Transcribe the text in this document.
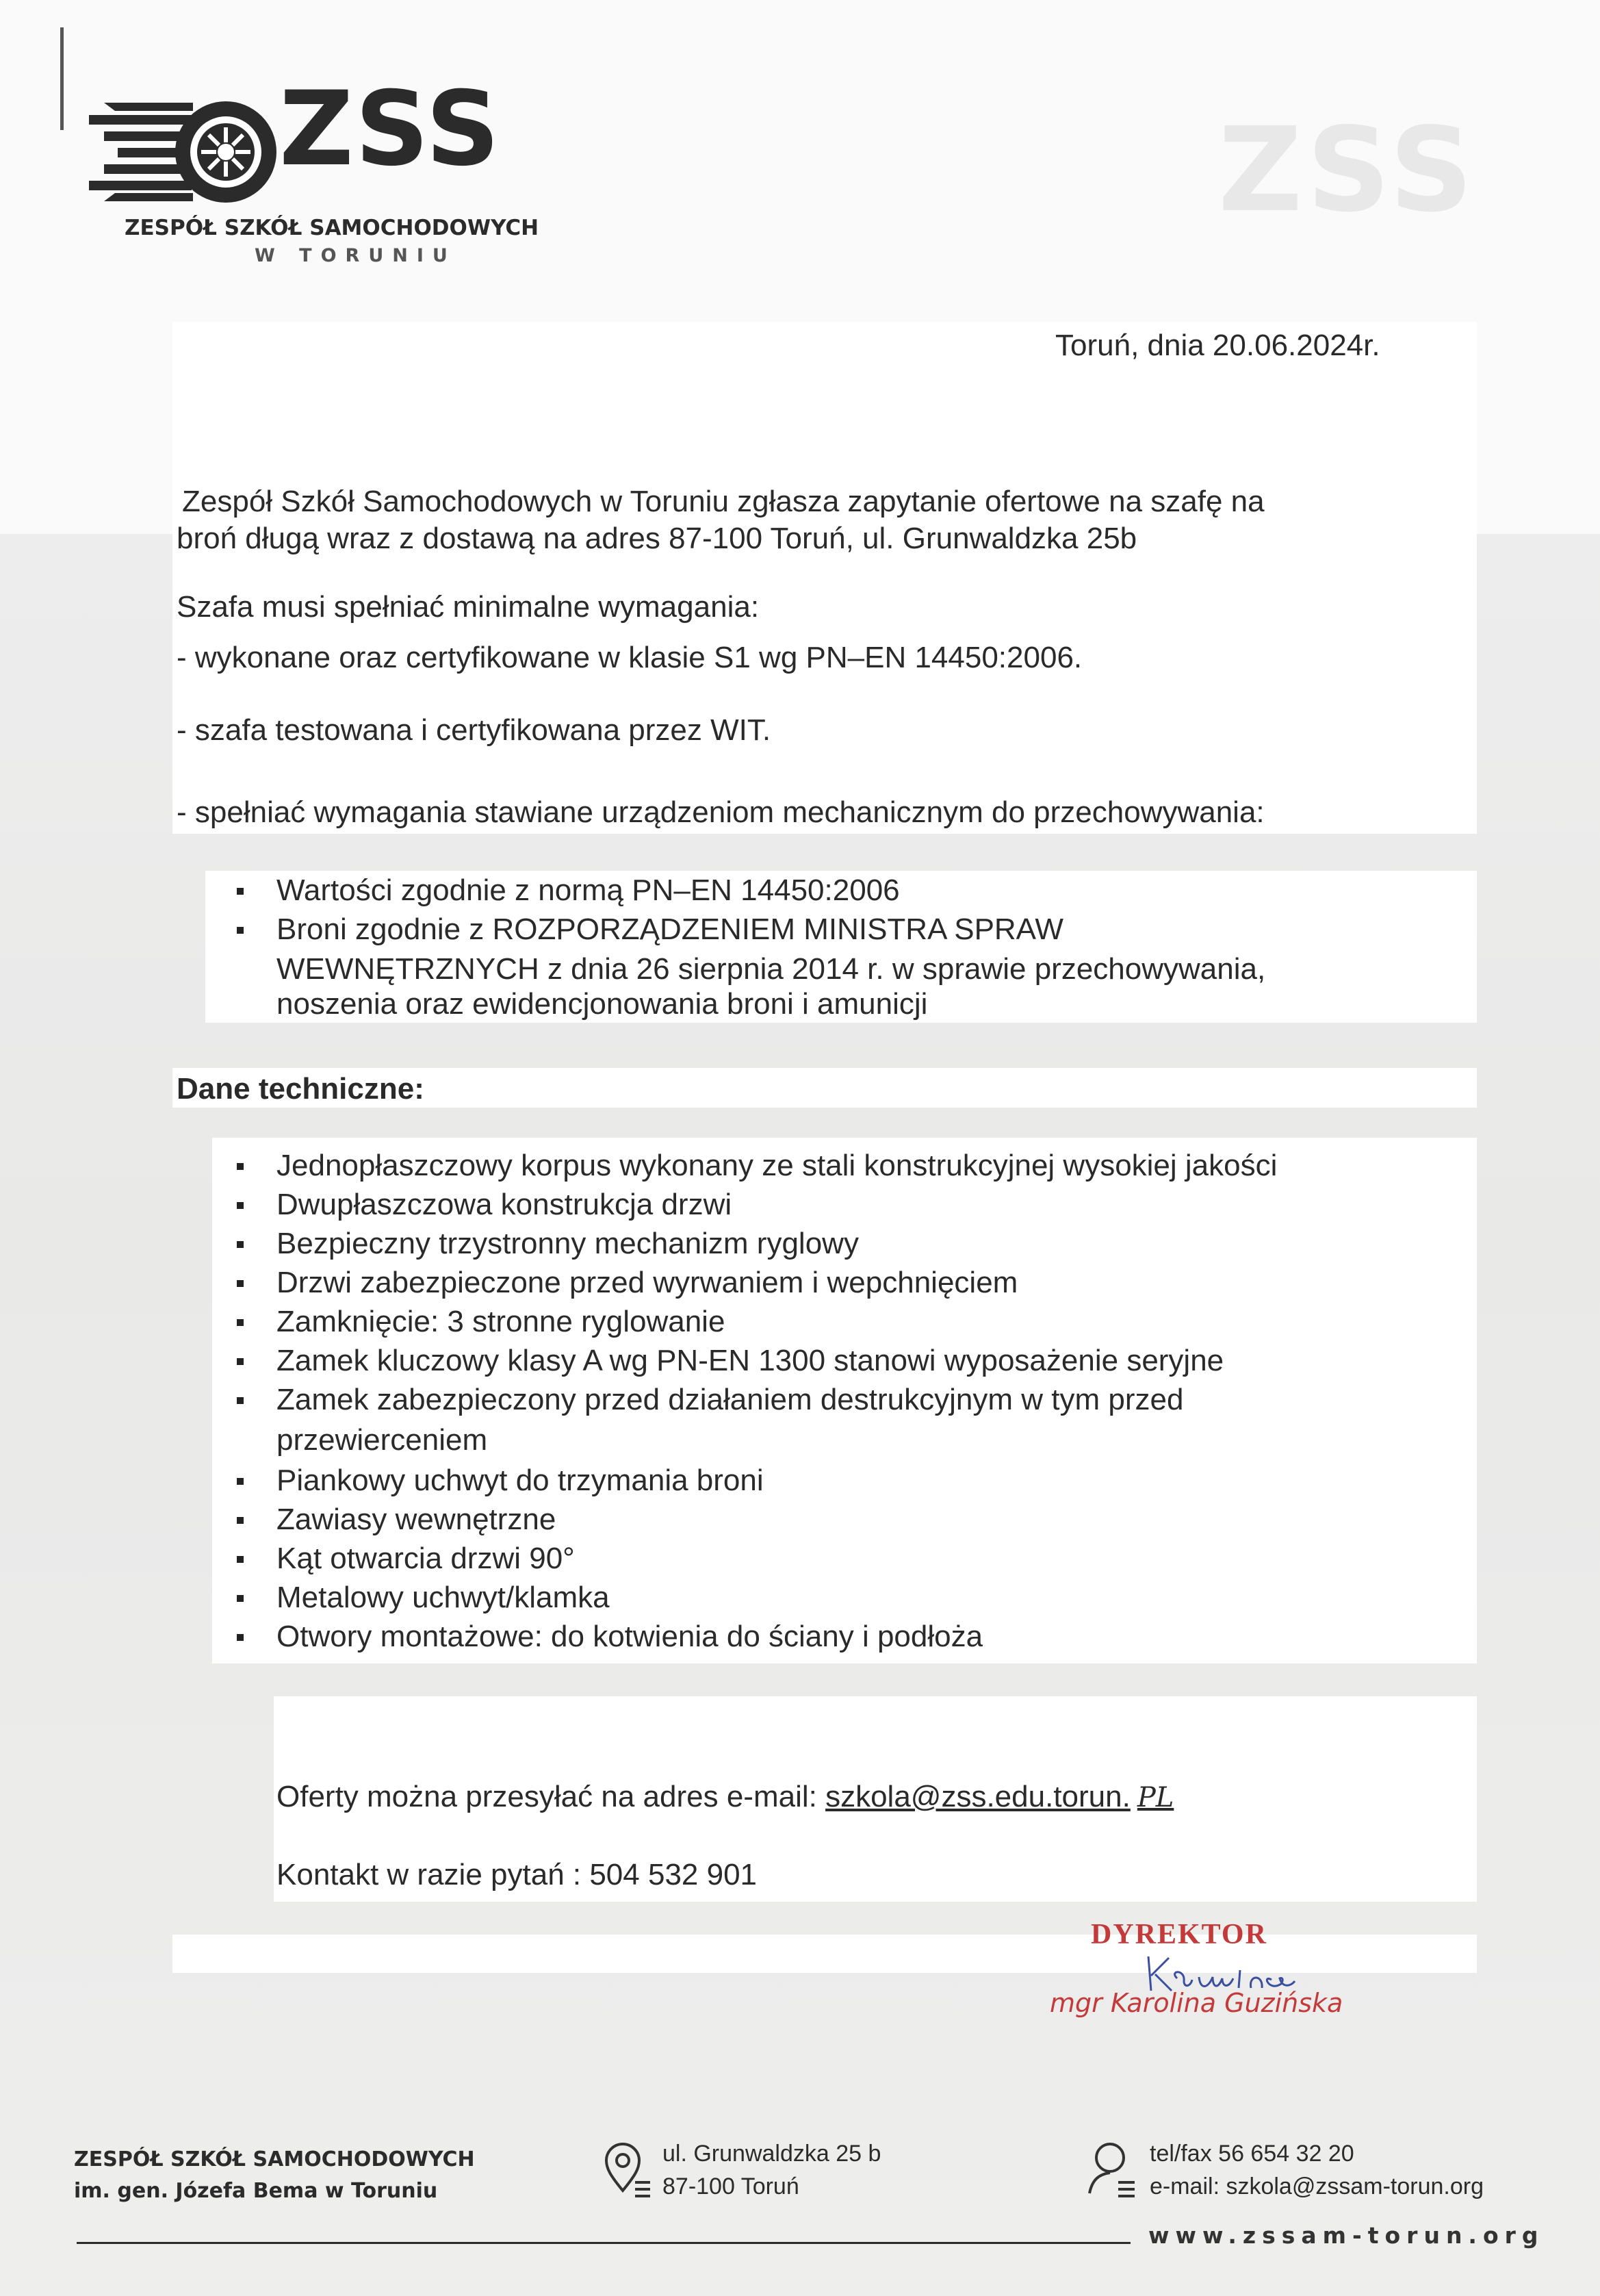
ZSS
ZSS
ZESPÓŁ SZKÓŁ SAMOCHODOWYCH
W TORUNIU
Toruń, dnia 20.06.2024r.
Zespół Szkół Samochodowych w Toruniu zgłasza zapytanie ofertowe na szafę na
broń długą wraz z dostawą na adres 87-100 Toruń, ul. Grunwaldzka 25b
Szafa musi spełniać minimalne wymagania:
- wykonane oraz certyfikowane w klasie S1 wg PN–EN 14450:2006.
- szafa testowana i certyfikowana przez WIT.
- spełniać wymagania stawiane urządzeniom mechanicznym do przechowywania:
Wartości zgodnie z normą PN–EN 14450:2006
Broni zgodnie z ROZPORZĄDZENIEM MINISTRA SPRAW
WEWNĘTRZNYCH z dnia 26 sierpnia 2014 r. w sprawie przechowywania,
noszenia oraz ewidencjonowania broni i amunicji
Dane techniczne:
Jednopłaszczowy korpus wykonany ze stali konstrukcyjnej wysokiej jakości
Dwupłaszczowa konstrukcja drzwi
Bezpieczny trzystronny mechanizm ryglowy
Drzwi zabezpieczone przed wyrwaniem i wepchnięciem
Zamknięcie: 3 stronne ryglowanie
Zamek kluczowy klasy A wg PN-EN 1300 stanowi wyposażenie seryjne
Zamek zabezpieczony przed działaniem destrukcyjnym w tym przed
przewierceniem
Piankowy uchwyt do trzymania broni
Zawiasy wewnętrzne
Kąt otwarcia drzwi 90°
Metalowy uchwyt/klamka
Otwory montażowe: do kotwienia do ściany i podłoża
Oferty można przesyłać na adres e-mail: szkola@zss.edu.torun. PL
Kontakt w razie pytań : 504 532 901
DYREKTOR
mgr Karolina Guzińska
ZESPÓŁ SZKÓŁ SAMOCHODOWYCH
im. gen. Józefa Bema w Toruniu
ul. Grunwaldzka 25 b
87-100 Toruń
tel/fax 56 654 32 20
e-mail: szkola@zssam-torun.org
www.zssam-torun.org
